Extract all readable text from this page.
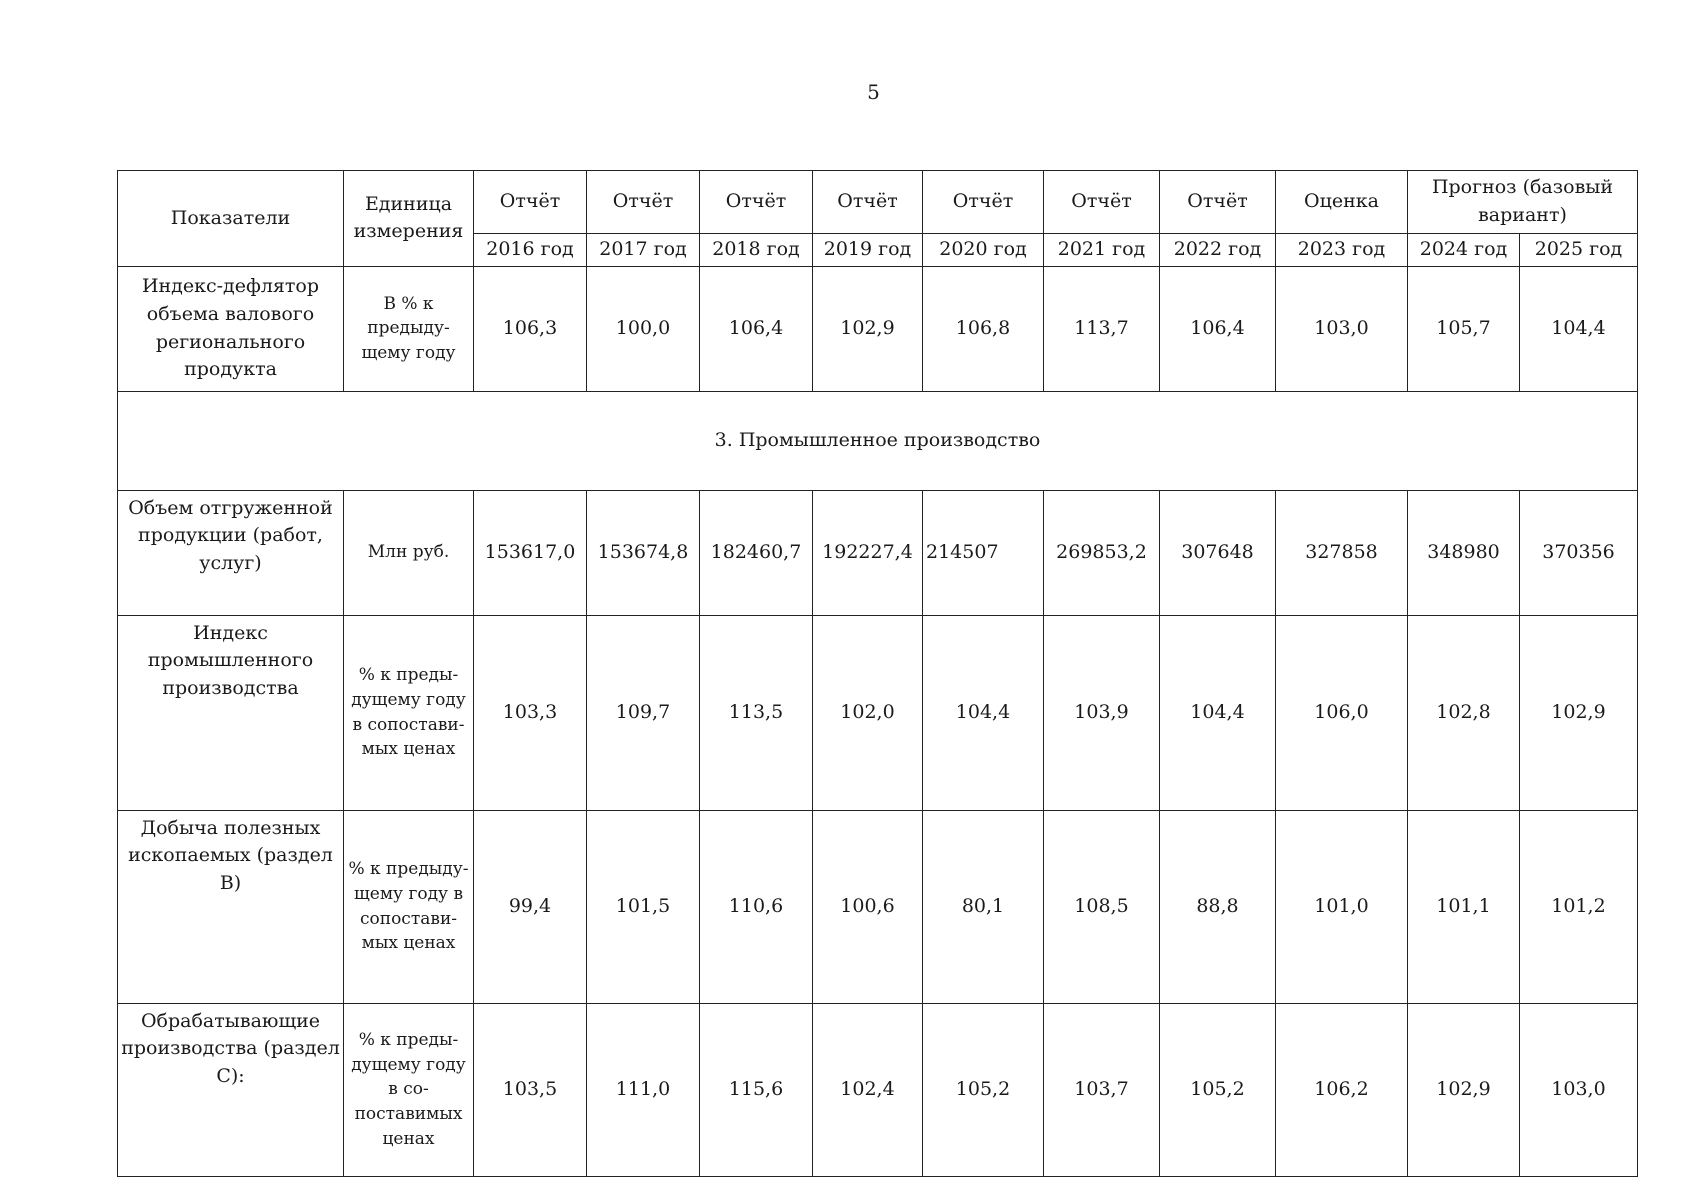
5
Показатели	Единица измерения	Отчёт	Отчёт	Отчёт	Отчёт	Отчёт	Отчёт	Отчёт	Оценка	Прогноз (базовый вариант)	
		2016 год	2017 год	2018 год	2019 год	2020 год	2021 год	2022 год	2023 год	2024 год	2025 год
Индекс-дефлятор объема валового регионального продукта	В % к предыду-щему году	106,3	100,0	106,4	102,9	106,8	113,7	106,4	103,0	105,7	104,4
3. Промышленное производство											
Объем отгруженной продукции (работ, услуг)	Млн руб.	153617,0	153674,8	182460,7	192227,4	214507	269853,2	307648	327858	348980	370356
Индекс промышленного производства	% к преды-дущему году в сопостави-мых ценах	103,3	109,7	113,5	102,0	104,4	103,9	104,4	106,0	102,8	102,9
Добыча полезных ископаемых (раздел B)	% к предыду-щему году в сопостави-мых ценах	99,4	101,5	110,6	100,6	80,1	108,5	88,8	101,0	101,1	101,2
Обрабатывающие производства (раздел C):	% к преды-дущему году в со-поставимых ценах	103,5	111,0	115,6	102,4	105,2	103,7	105,2	106,2	102,9	103,0
